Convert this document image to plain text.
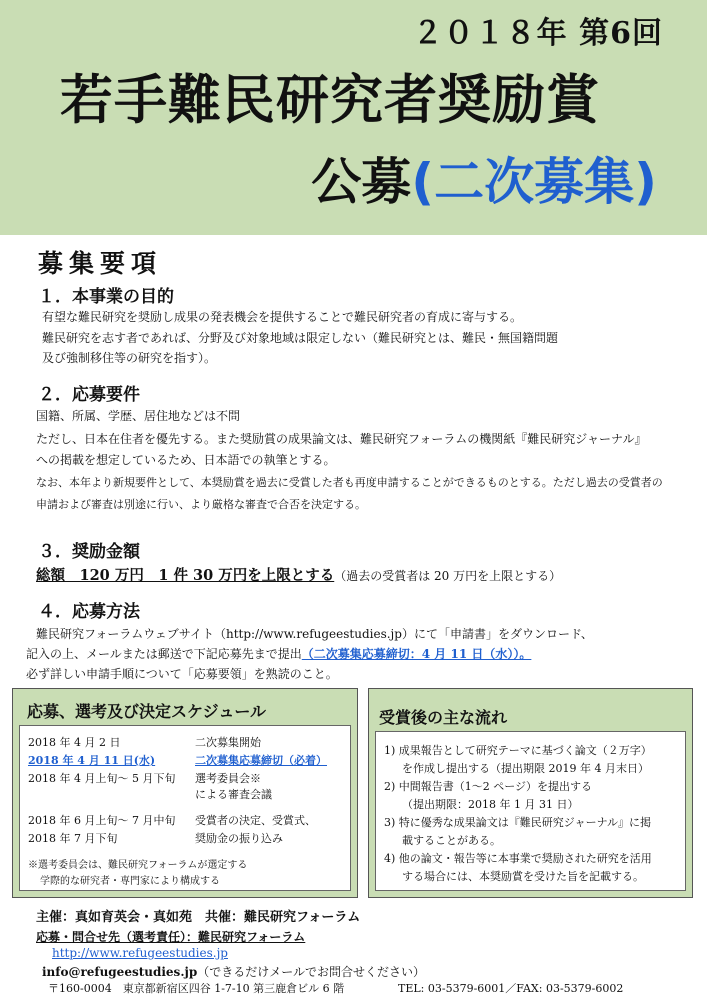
２０１８年 第6回
若手難民研究者奨励賞
公募(二次募集)
募集要項
１．本事業の目的
有望な難民研究を奨励し成果の発表機会を提供することで難民研究者の育成に寄与する。
難民研究を志す者であれば、分野及び対象地域は限定しない（難民研究とは、難民・無国籍問題
及び強制移住等の研究を指す）。
２．応募要件
国籍、所属、学歴、居住地などは不問
ただし、日本在住者を優先する。また奨励賞の成果論文は、難民研究フォーラムの機関紙『難民研究ジャーナル』
への掲載を想定しているため、日本語での執筆とする。
なお、本年より新規要件として、本奨励賞を過去に受賞した者も再度申請することができるものとする。ただし過去の受賞者の
申請および審査は別途に行い、より厳格な審査で合否を決定する。
３．奨励金額
総額　120 万円　1 件 30 万円を上限とする（過去の受賞者は 20 万円を上限とする）
４．応募方法
難民研究フォーラムウェブサイト（http://www.refugeestudies.jp）にて「申請書」をダウンロード、
記入の上、メールまたは郵送で下記応募先まで提出（二次募集応募締切：4 月 11 日（水））。
必ず詳しい申請手順について「応募要領」を熟読のこと。
応募、選考及び決定スケジュール
2018 年 4 月 2 日	二次募集開始
2018 年 4 月 11 日(水)	二次募集応募締切（必着）
2018 年 4 月上旬～ 5 月下旬 選考委員会※
による審査会議
2018 年 6 月上旬～ 7 月中旬 受賞者の決定、受賞式、
2018 年 7 月下旬	奨励金の振り込み
※選考委員会は、難民研究フォーラムが選定する
学際的な研究者・専門家により構成する
受賞後の主な流れ
1) 成果報告として研究テーマに基づく論文（２万字）
を作成し提出する（提出期限 2019 年 4 月末日）
2) 中間報告書（1～2 ページ）を提出する
（提出期限：2018 年 1 月 31 日）
3) 特に優秀な成果論文は『難民研究ジャーナル』に掲
載することがある。
4) 他の論文・報告等に本事業で奨励された研究を活用
する場合には、本奨励賞を受けた旨を記載する。
主催：真如育英会・真如苑　共催：難民研究フォーラム
応募・問合せ先（選考責任）：難民研究フォーラム
http://www.refugeestudies.jp
info@refugeestudies.jp（できるだけメールでお問合せください）
〒160-0004　東京都新宿区四谷 1-7-10 第三鹿倉ビル 6 階	TEL: 03-5379-6001／FAX: 03-5379-6002
